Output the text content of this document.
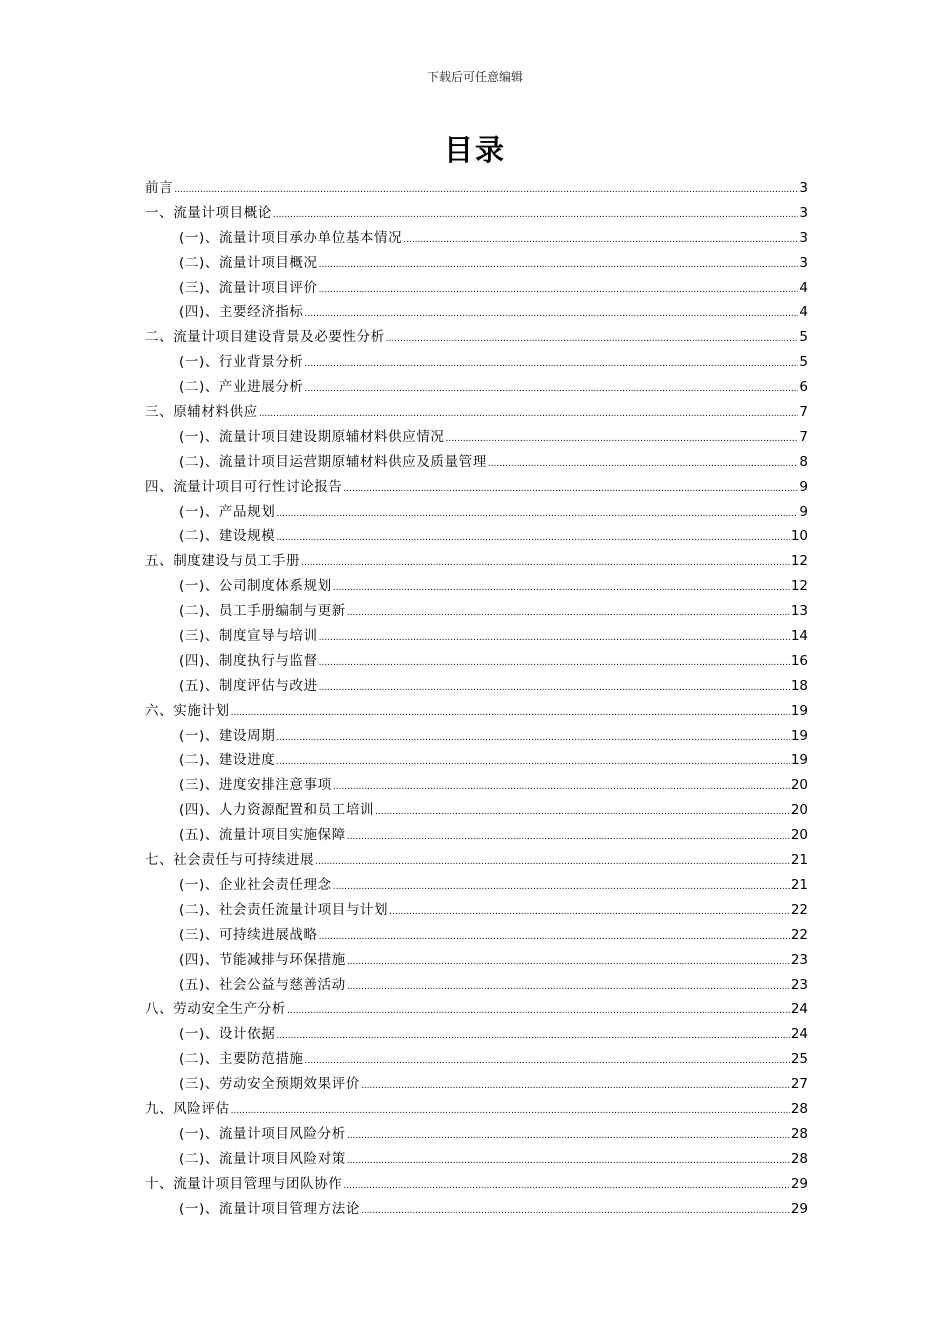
下载后可任意编辑
目录
前言 .....	3
一、流量计项目概论 .....	3
(一)、流量计项目承办单位基本情况 .....	3
(二)、流量计项目概况 .....	3
(三)、流量计项目评价 .....	4
(四)、主要经济指标 .....	4
二、流量计项目建设背景及必要性分析 .....	5
(一)、行业背景分析 .....	5
(二)、产业进展分析 .....	6
三、原辅材料供应 .....	7
(一)、流量计项目建设期原辅材料供应情况 .....	7
(二)、流量计项目运营期原辅材料供应及质量管理 .....	8
四、流量计项目可行性讨论报告 .....	9
(一)、产品规划 .....	9
(二)、建设规模 .....	10
五、制度建设与员工手册 .....	12
(一)、公司制度体系规划 .....	12
(二)、员工手册编制与更新 .....	13
(三)、制度宣导与培训 .....	14
(四)、制度执行与监督 .....	16
(五)、制度评估与改进 .....	18
六、实施计划 .....	19
(一)、建设周期 .....	19
(二)、建设进度 .....	19
(三)、进度安排注意事项 .....	20
(四)、人力资源配置和员工培训 .....	20
(五)、流量计项目实施保障 .....	20
七、社会责任与可持续进展 .....	21
(一)、企业社会责任理念 .....	21
(二)、社会责任流量计项目与计划 .....	22
(三)、可持续进展战略 .....	22
(四)、节能减排与环保措施 .....	23
(五)、社会公益与慈善活动 .....	23
八、劳动安全生产分析 .....	24
(一)、设计依据 .....	24
(二)、主要防范措施 .....	25
(三)、劳动安全预期效果评价 .....	27
九、风险评估 .....	28
(一)、流量计项目风险分析 .....	28
(二)、流量计项目风险对策 .....	28
十、流量计项目管理与团队协作 .....	29
(一)、流量计项目管理方法论 .....	29
